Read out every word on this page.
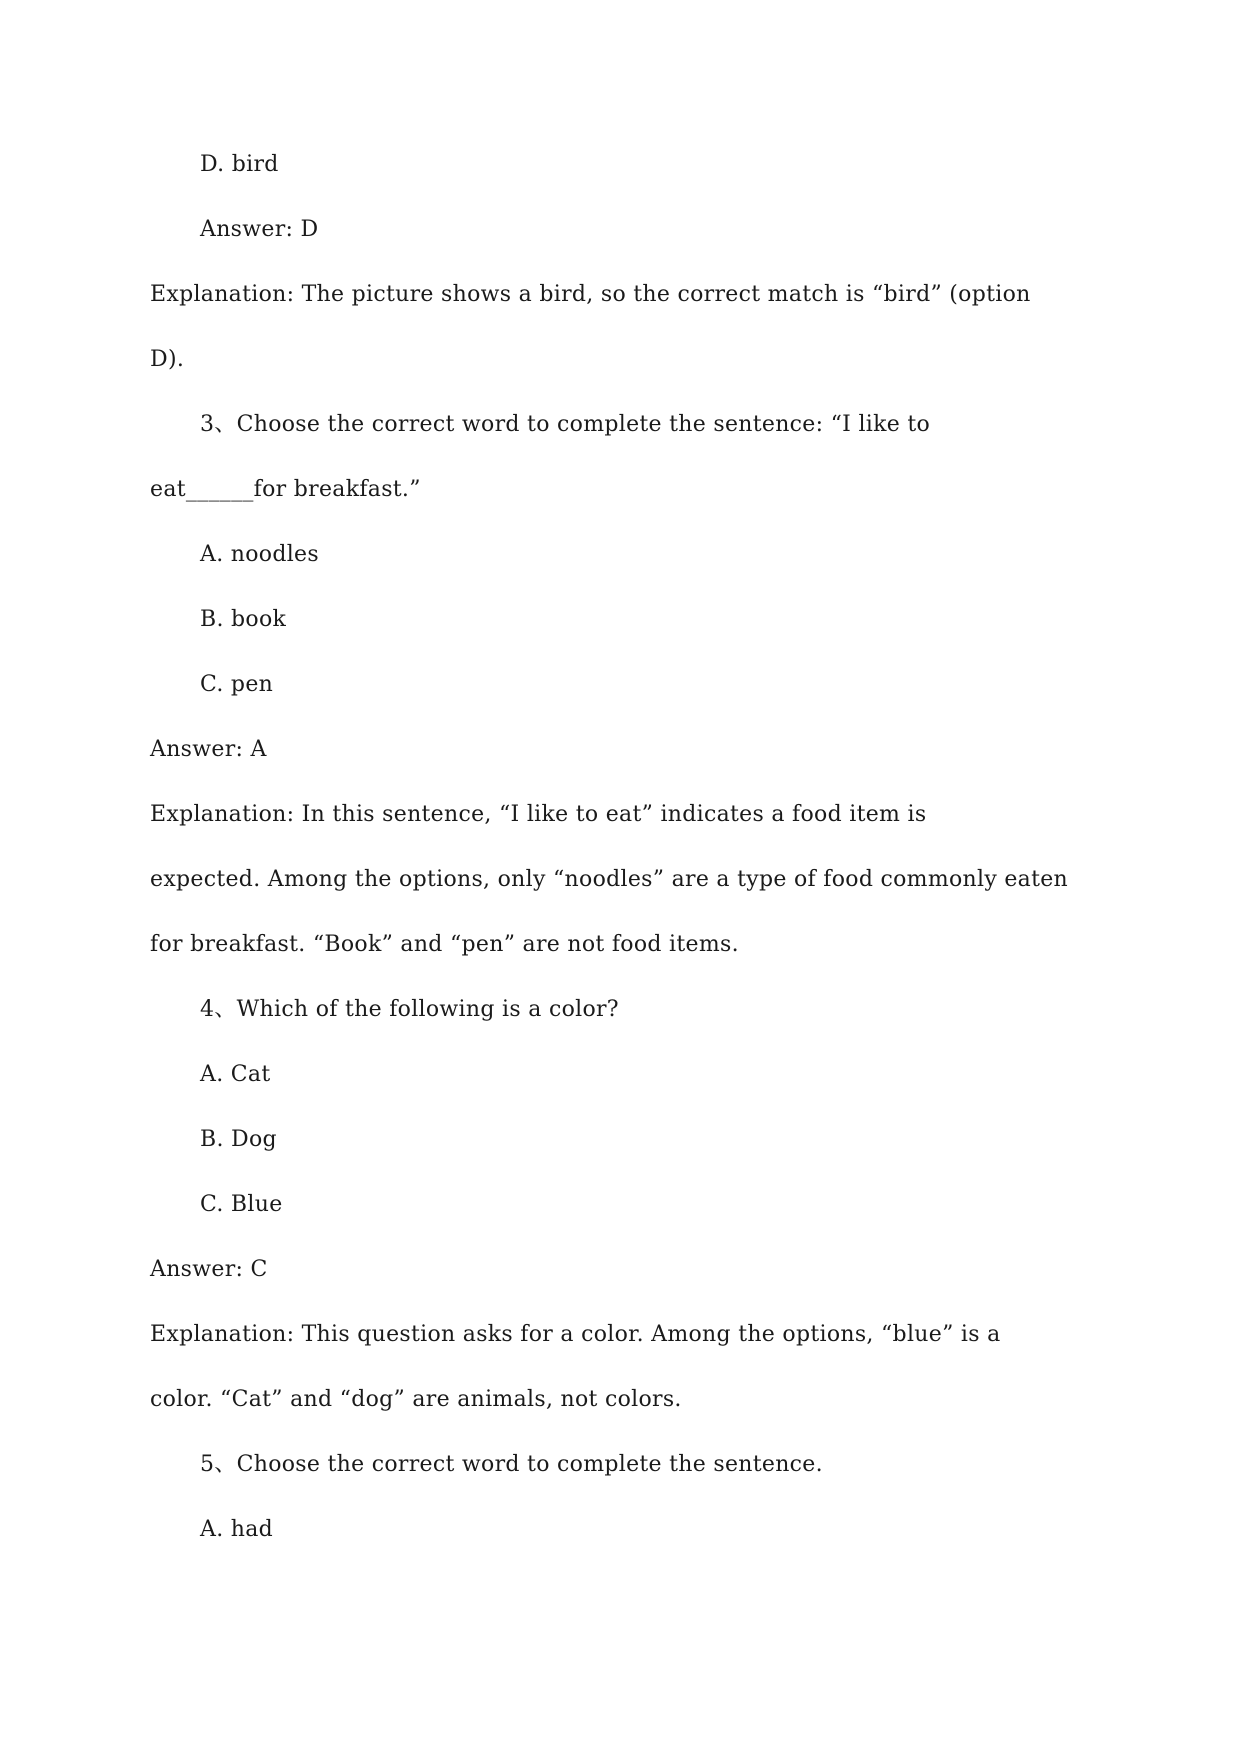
D. bird
Answer: D
Explanation: The picture shows a bird, so the correct match is “bird” (option
D).
3、Choose the correct word to complete the sentence: “I like to
eat______for breakfast.”
A. noodles
B. book
C. pen
Answer: A
Explanation: In this sentence, “I like to eat” indicates a food item is
expected. Among the options, only “noodles” are a type of food commonly eaten
for breakfast. “Book” and “pen” are not food items.
4、Which of the following is a color?
A. Cat
B. Dog
C. Blue
Answer: C
Explanation: This question asks for a color. Among the options, “blue” is a
color. “Cat” and “dog” are animals, not colors.
5、Choose the correct word to complete the sentence.
A. had
